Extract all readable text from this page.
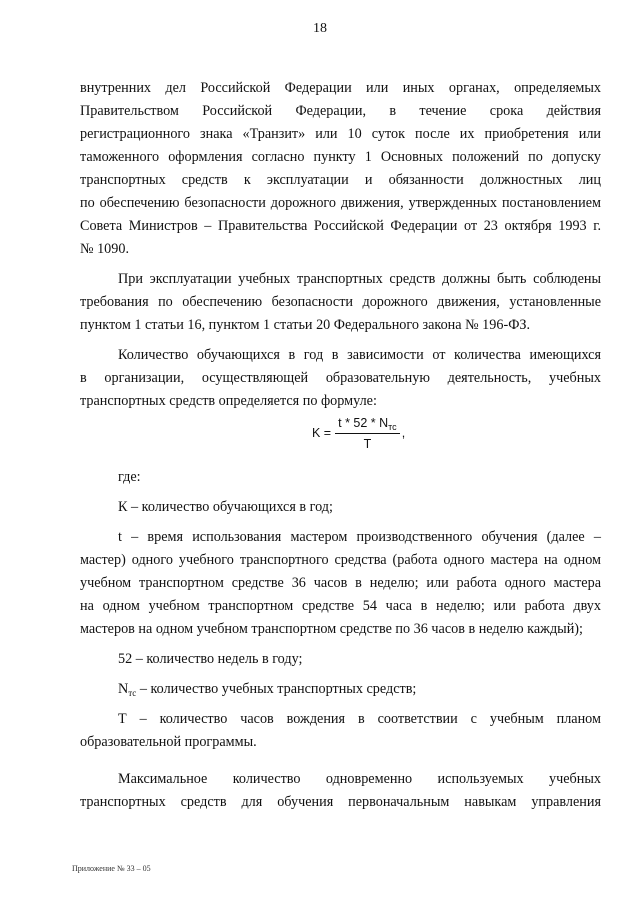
18
внутренних дел Российской Федерации или иных органах, определяемых
Правительством Российской Федерации, в течение срока действия
регистрационного знака «Транзит» или 10 суток после их приобретения или
таможенного оформления согласно пункту 1 Основных положений по допуску
транспортных средств к эксплуатации и обязанности должностных лиц
по обеспечению безопасности дорожного движения, утвержденных постановлением
Совета Министров – Правительства Российской Федерации от 23 октября 1993 г.
№ 1090.
При эксплуатации учебных транспортных средств должны быть соблюдены
требования по обеспечению безопасности дорожного движения, установленные
пунктом 1 статьи 16, пунктом 1 статьи 20 Федерального закона № 196-ФЗ.
Количество обучающихся в год в зависимости от количества имеющихся
в организации, осуществляющей образовательную деятельность, учебных
транспортных средств определяется по формуле:
$K = \frac{t * 52 * N_{тс}}{T}$ ,
где:
К – количество обучающихся в год;
t – время использования мастером производственного обучения (далее –
мастер) одного учебного транспортного средства (работа одного мастера на одном
учебном транспортном средстве 36 часов в неделю; или работа одного мастера
на одном учебном транспортном средстве 54 часа в неделю; или работа двух
мастеров на одном учебном транспортном средстве по 36 часов в неделю каждый);
52 – количество недель в году;
$N_{тс}$ – количество учебных транспортных средств;
Т – количество часов вождения в соответствии с учебным планом
образовательной программы.
Максимальное количество одновременно используемых учебных
транспортных средств для обучения первоначальным навыкам управления
Приложение № 33 – 05
